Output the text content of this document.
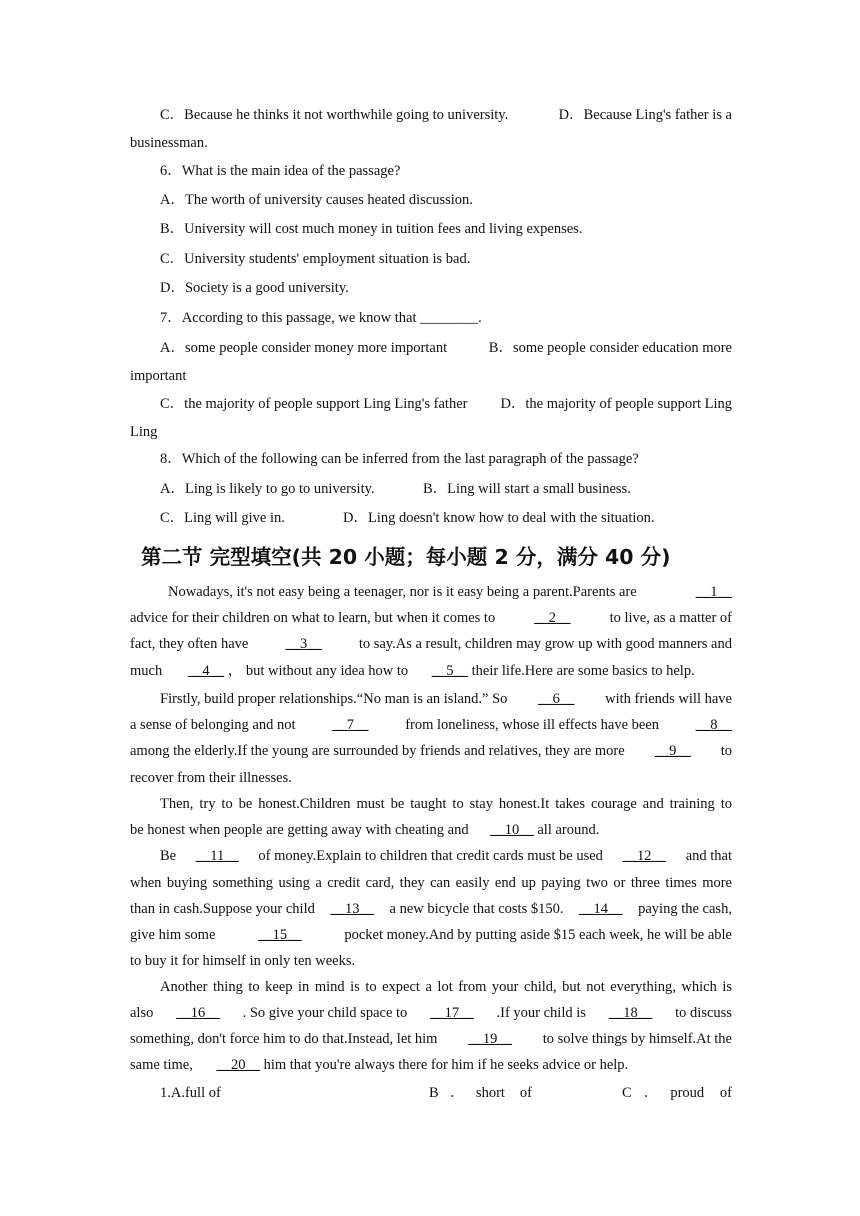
C．Because he thinks it not worthwhile going to university.	D．Because Ling's father is a
businessman.
6．What is the main idea of the passage?
A．The worth of university causes heated discussion.
B．University will cost much money in tuition fees and living expenses.
C．University students' employment situation is bad.
D．Society is a good university.
7．According to this passage, we know that ________.
A．some people consider money more important	B．some people consider education more
important
C．the majority of people support Ling Ling's father D．the majority of people support Ling
Ling
8．Which of the following can be inferred from the last paragraph of the passage?
A．Ling is likely to go to university.	B．Ling will start a small business.
C．Ling will give in.	D．Ling doesn't know how to deal with the situation.
第二节 完型填空(共 20 小题；每小题 2 分，满分 40 分)
Nowadays, it's not easy being a teenager, nor is it easy being a parent.Parents are	__1__
advice for their children on what to learn, but when it comes to	__2__	to live, as a matter of
fact, they often have	__3__	to say.As a result, children may grow up with good manners and
much __4__ ， but without any idea how to __5__ their life.Here are some basics to help.
Firstly, build proper relationships.“No man is an island.” So __6__ with friends will have
a sense of belonging and not	__7__	from loneliness, whose ill effects have been	__8__
among the elderly.If the young are surrounded by friends and relatives, they are more __9__ to
recover from their illnesses.
Then, try to be honest.Children must be taught to stay honest.It takes courage and training to
be honest when people are getting away with cheating and __10__ all around.
Be __11__ of money.Explain to children that credit cards must be used __12__ and that
when buying something using a credit card, they can easily end up paying two or three times more
than in cash.Suppose your child __13__ a new bicycle that costs $150. __14__ paying the cash,
give him some	__15__	pocket money.And by putting aside $15 each week, he will be able
to buy it for himself in only ten weeks.
Another thing to keep in mind is to expect a lot from your child, but not everything, which is
also __16__ . So give your child space to __17__ .If your child is __18__ to discuss
something, don't force him to do that.Instead, let him __19__ to solve things by himself.At the
same time, __20__ him that you're always there for him if he seeks advice or help.
1.A.full of	B．short of	C．proud of
